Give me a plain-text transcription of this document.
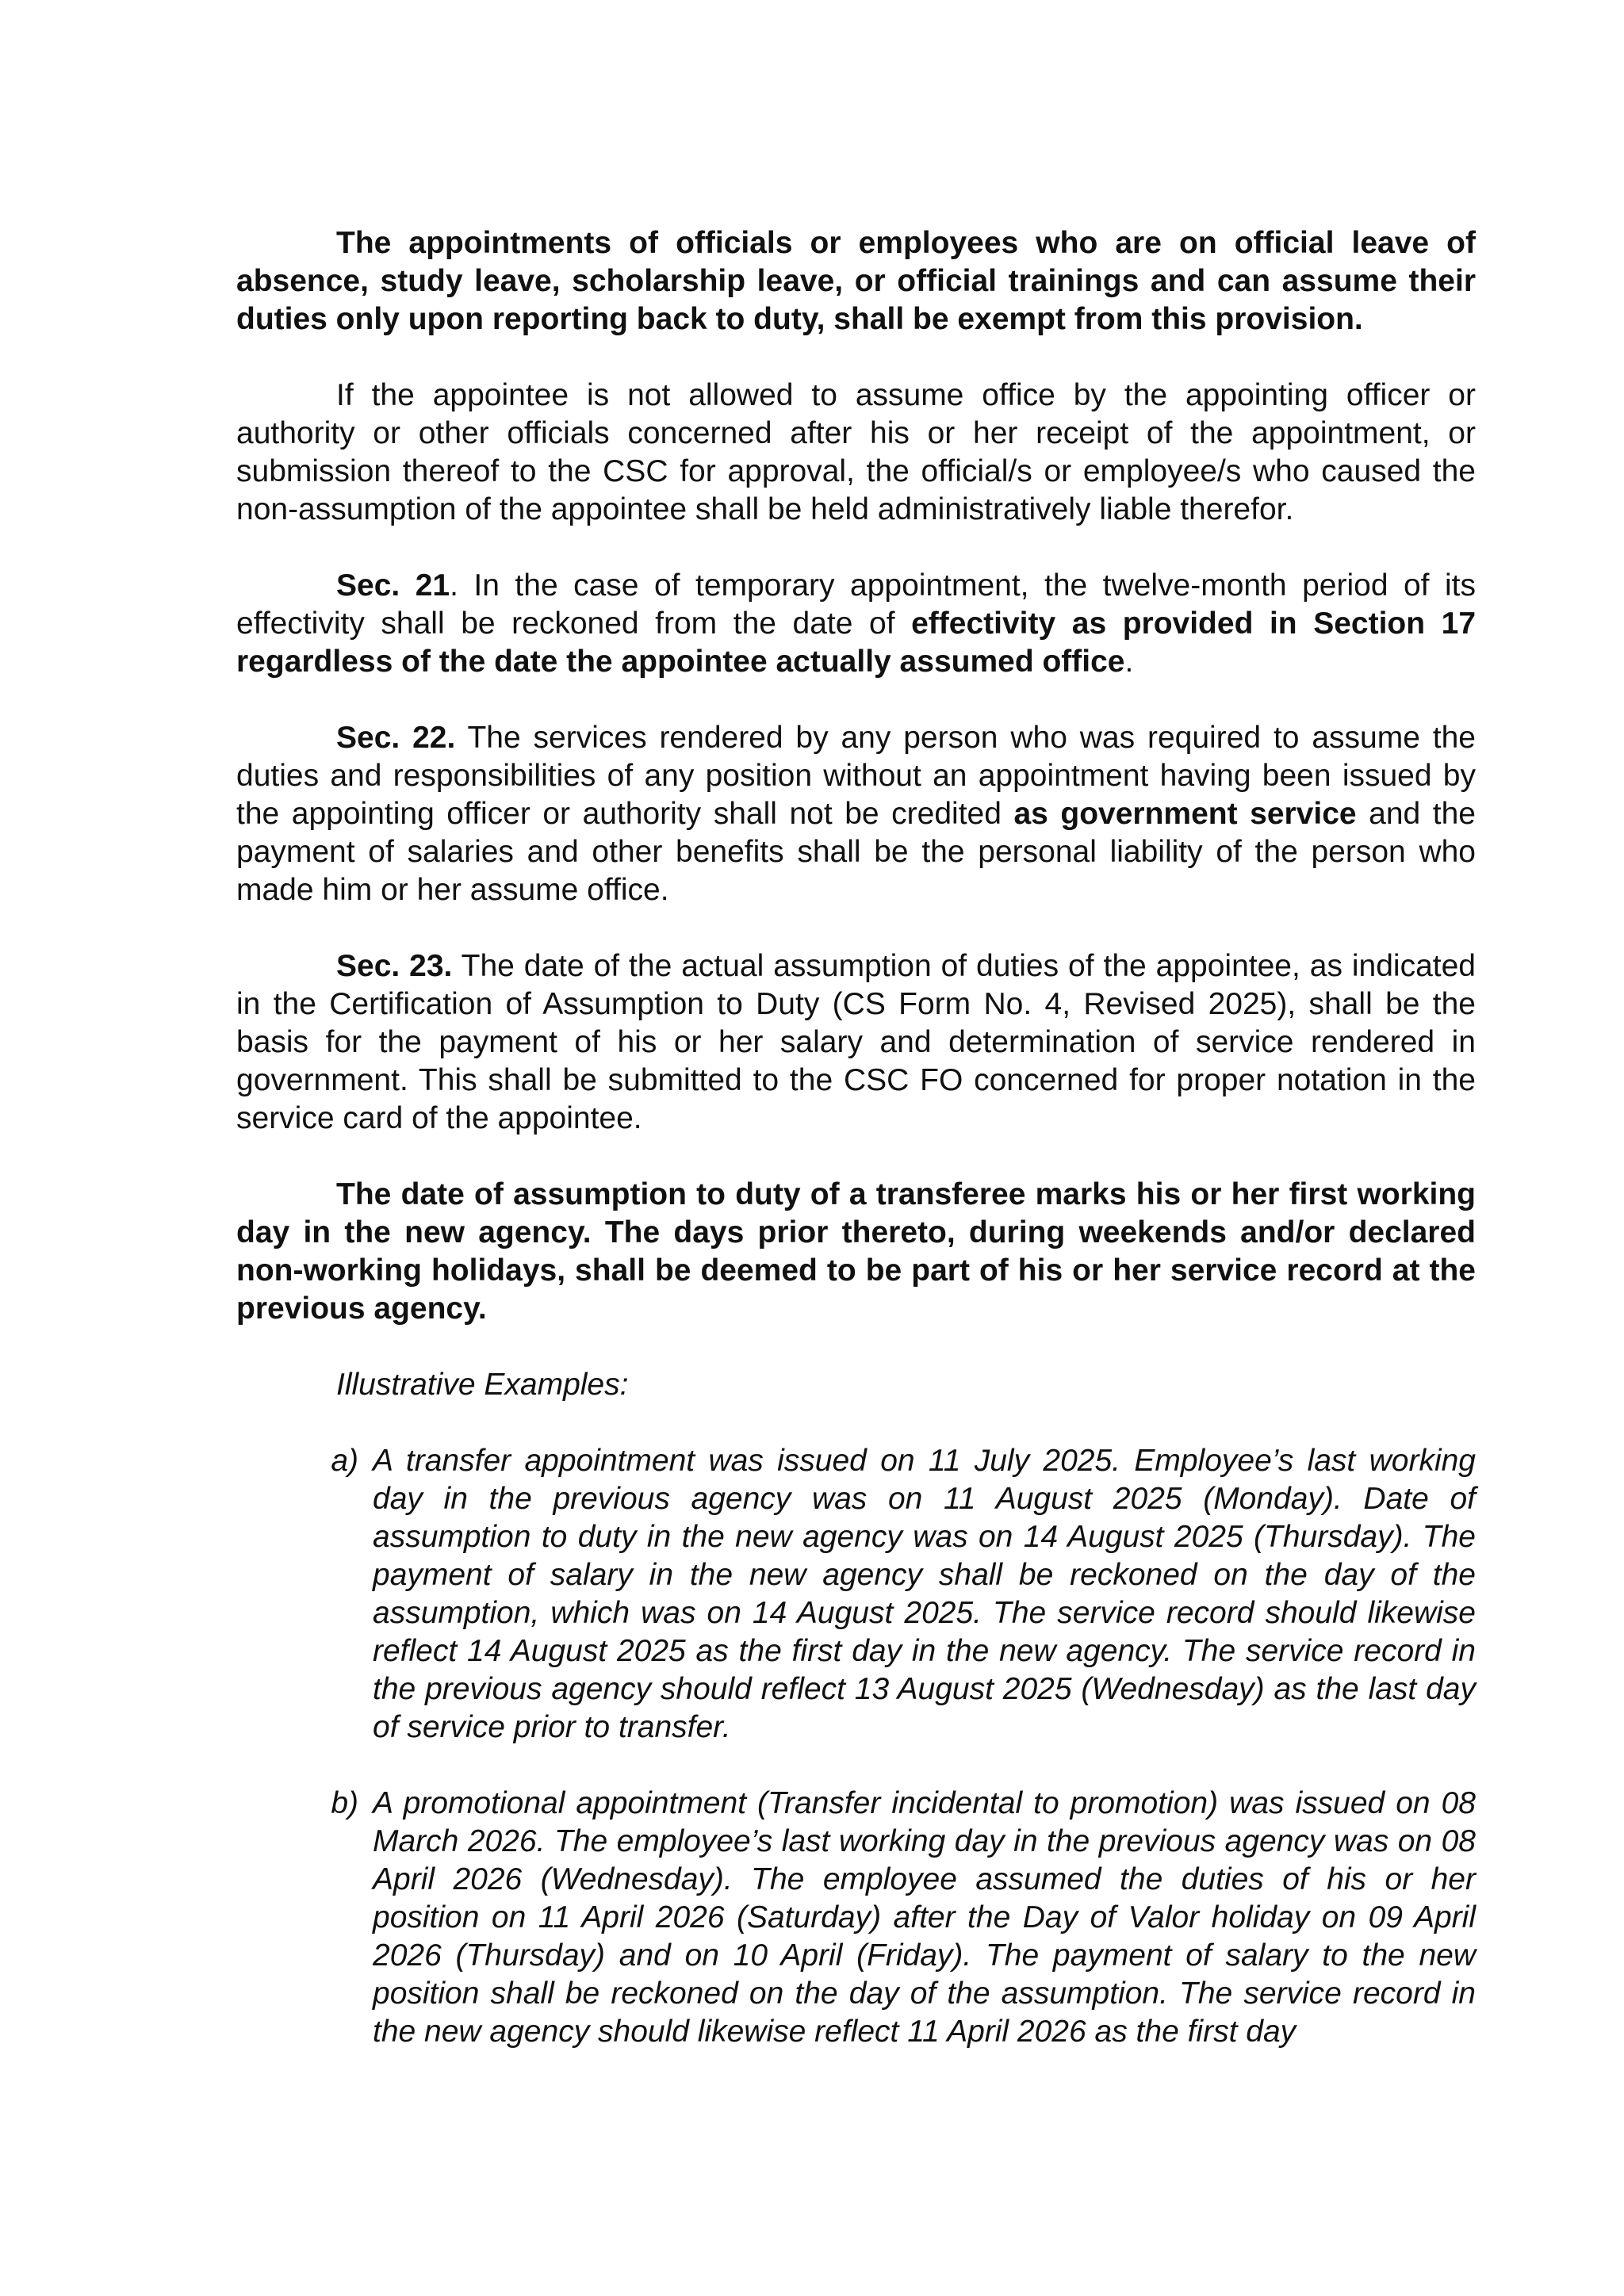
The appointments of officials or employees who are on official leave of absence, study leave, scholarship leave, or official trainings and can assume their duties only upon reporting back to duty, shall be exempt from this provision.

If the appointee is not allowed to assume office by the appointing officer or authority or other officials concerned after his or her receipt of the appointment, or submission thereof to the CSC for approval, the official/s or employee/s who caused the non-assumption of the appointee shall be held administratively liable therefor.

Sec. 21. In the case of temporary appointment, the twelve-month period of its effectivity shall be reckoned from the date of effectivity as provided in Section 17 regardless of the date the appointee actually assumed office.

Sec. 22. The services rendered by any person who was required to assume the duties and responsibilities of any position without an appointment having been issued by the appointing officer or authority shall not be credited as government service and the payment of salaries and other benefits shall be the personal liability of the person who made him or her assume office.

Sec. 23. The date of the actual assumption of duties of the appointee, as indicated in the Certification of Assumption to Duty (CS Form No. 4, Revised 2025), shall be the basis for the payment of his or her salary and determination of service rendered in government. This shall be submitted to the CSC FO concerned for proper notation in the service card of the appointee.

The date of assumption to duty of a transferee marks his or her first working day in the new agency. The days prior thereto, during weekends and/or declared non-working holidays, shall be deemed to be part of his or her service record at the previous agency.

Illustrative Examples:

a) A transfer appointment was issued on 11 July 2025. Employee’s last working day in the previous agency was on 11 August 2025 (Monday). Date of assumption to duty in the new agency was on 14 August 2025 (Thursday). The payment of salary in the new agency shall be reckoned on the day of the assumption, which was on 14 August 2025. The service record should likewise reflect 14 August 2025 as the first day in the new agency. The service record in the previous agency should reflect 13 August 2025 (Wednesday) as the last day of service prior to transfer.
b) A promotional appointment (Transfer incidental to promotion) was issued on 08 March 2026. The employee’s last working day in the previous agency was on 08 April 2026 (Wednesday). The employee assumed the duties of his or her position on 11 April 2026 (Saturday) after the Day of Valor holiday on 09 April 2026 (Thursday) and on 10 April (Friday). The payment of salary to the new position shall be reckoned on the day of the assumption. The service record in the new agency should likewise reflect 11 April 2026 as the first day
